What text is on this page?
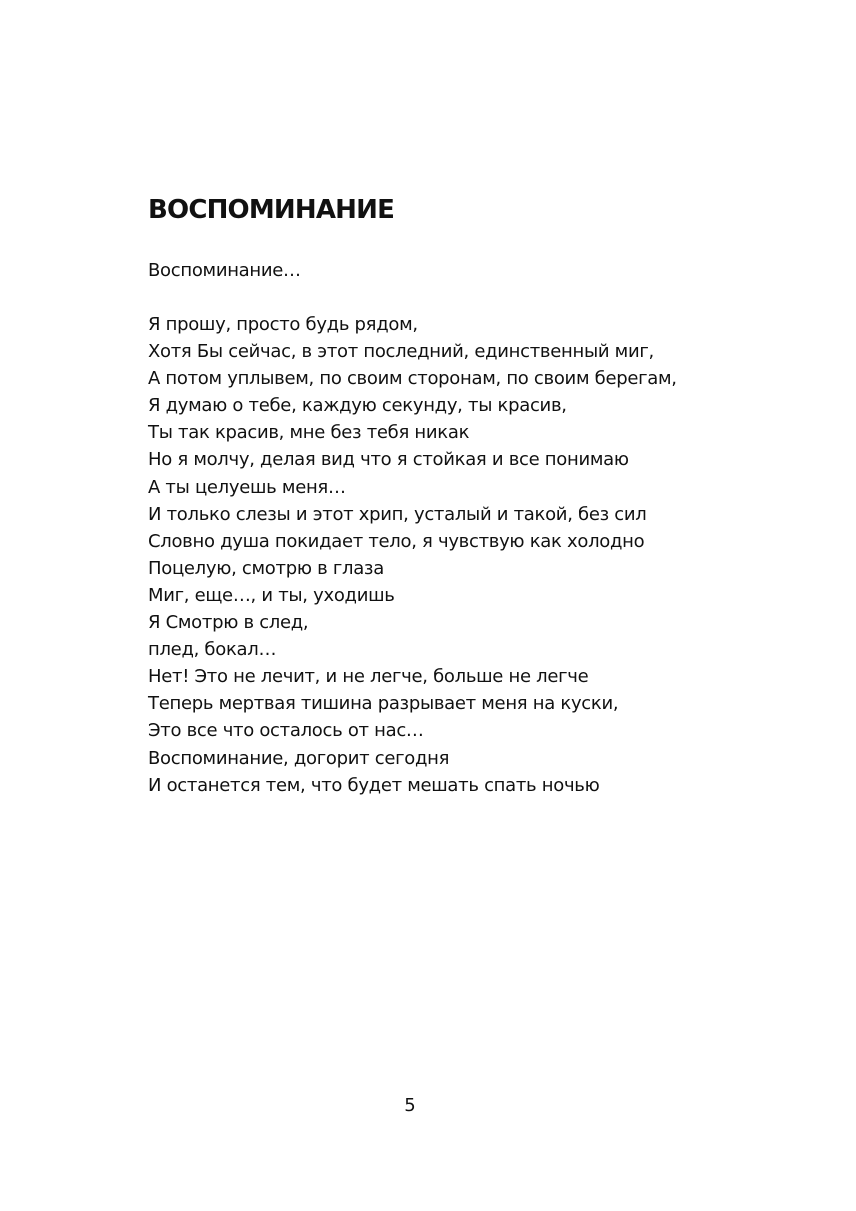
ВОСПОМИНАНИЕ

Воспоминание…

Я прошу, просто будь рядом,
Хотя Бы сейчас, в этот последний, единственный миг,
А потом уплывем, по своим сторонам, по своим берегам,
Я думаю о тебе, каждую секунду, ты красив,
Ты так красив, мне без тебя никак
Но я молчу, делая вид что я стойкая и все понимаю
А ты целуешь меня…
И только слезы и этот хрип, усталый и такой, без сил
Словно душа покидает тело, я чувствую как холодно
Поцелую, смотрю в глаза
Миг, еще…, и ты, уходишь
Я Смотрю в след,
плед, бокал…
Нет! Это не лечит, и не легче, больше не легче
Теперь мертвая тишина разрывает меня на куски,
Это все что осталось от нас…
Воспоминание, догорит сегодня
И останется тем, что будет мешать спать ночью
5
